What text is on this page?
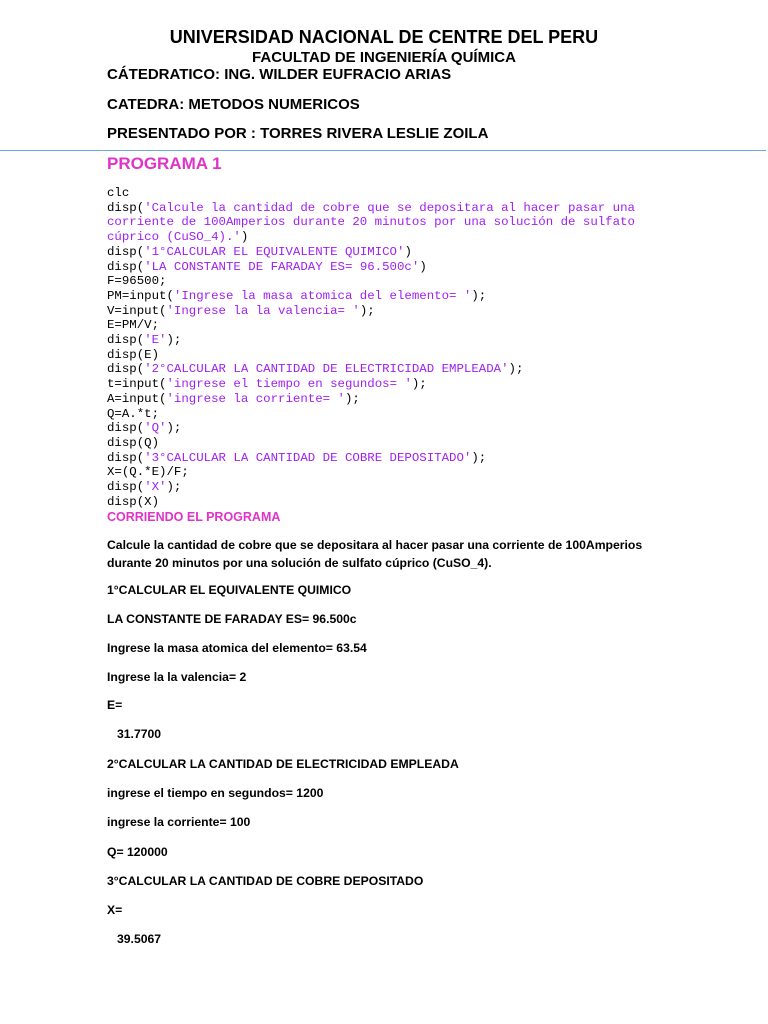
UNIVERSIDAD NACIONAL DE CENTRE DEL PERU
FACULTAD DE INGENIERÍA QUÍMICA
CÁTEDRATICO: ING. WILDER EUFRACIO ARIAS
CATEDRA: METODOS NUMERICOS
PRESENTADO POR : TORRES RIVERA LESLIE ZOILA
PROGRAMA 1
clc
disp('Calcule la cantidad de cobre que se depositara al hacer pasar una
corriente de 100Amperios durante 20 minutos por una solución de sulfato
cúprico (CuSO_4).')
disp('1°CALCULAR EL EQUIVALENTE QUIMICO')
disp('LA CONSTANTE DE FARADAY ES= 96.500c')
F=96500;
PM=input('Ingrese la masa atomica del elemento= ');
V=input('Ingrese la la valencia= ');
E=PM/V;
disp('E');
disp(E)
disp('2°CALCULAR LA CANTIDAD DE ELECTRICIDAD EMPLEADA');
t=input('ingrese el tiempo en segundos= ');
A=input('ingrese la corriente= ');
Q=A.*t;
disp('Q');
disp(Q)
disp('3°CALCULAR LA CANTIDAD DE COBRE DEPOSITADO');
X=(Q.*E)/F;
disp('X');
disp(X)
CORRIENDO EL PROGRAMA
Calcule la cantidad de cobre que se depositara al hacer pasar una corriente de 100Amperios
durante 20 minutos por una solución de sulfato cúprico (CuSO_4).
1°CALCULAR EL EQUIVALENTE QUIMICO
LA CONSTANTE DE FARADAY ES= 96.500c
Ingrese la masa atomica del elemento= 63.54
Ingrese la la valencia= 2
E=
31.7700
2°CALCULAR LA CANTIDAD DE ELECTRICIDAD EMPLEADA
ingrese el tiempo en segundos= 1200
ingrese la corriente= 100
Q= 120000
3°CALCULAR LA CANTIDAD DE COBRE DEPOSITADO
X=
39.5067
